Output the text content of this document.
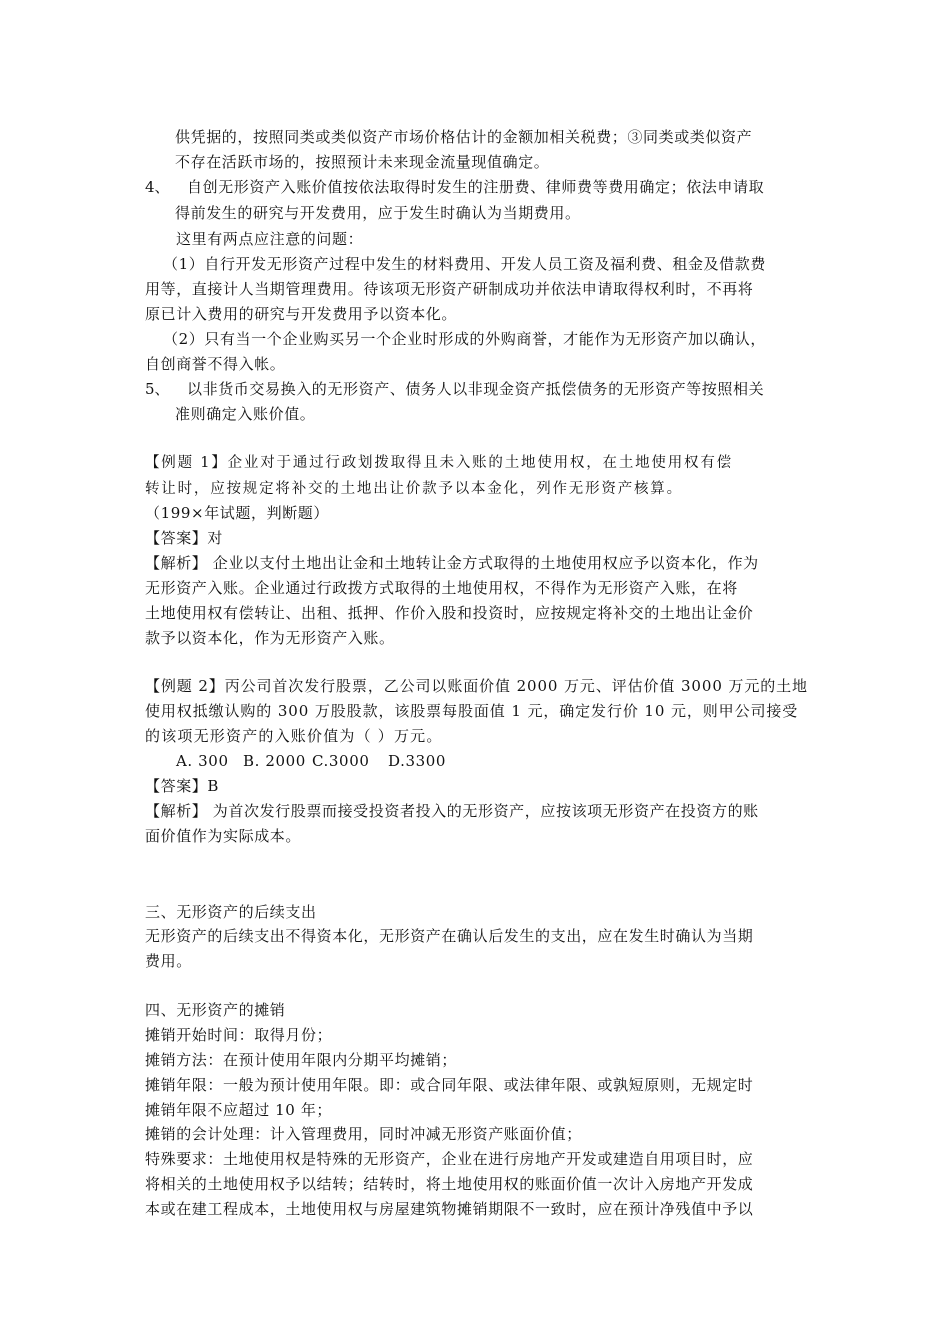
供凭据的，按照同类或类似资产市场价格估计的金额加相关税费；③同类或类似资产
不存在活跃市场的，按照预计未来现金流量现值确定。
4、 自创无形资产入账价值按依法取得时发生的注册费、律师费等费用确定；依法申请取
得前发生的研究与开发费用，应于发生时确认为当期费用。
这里有两点应注意的问题：
（1）自行开发无形资产过程中发生的材料费用、开发人员工资及福利费、租金及借款费
用等，直接计人当期管理费用。待该项无形资产研制成功并依法申请取得权利时，不再将
原已计入费用的研究与开发费用予以资本化。
（2）只有当一个企业购买另一个企业时形成的外购商誉，才能作为无形资产加以确认，
自创商誉不得入帐。
5、 以非货币交易换入的无形资产、债务人以非现金资产抵偿债务的无形资产等按照相关
准则确定入账价值。
【例题 1】企业对于通过行政划拨取得且未入账的土地使用权，在土地使用权有偿
转让时，应按规定将补交的土地出让价款予以本金化，列作无形资产核算。
（199×年试题，判断题）
【答案】对
【解析】 企业以支付土地出让金和土地转让金方式取得的土地使用权应予以资本化，作为
无形资产入账。企业通过行政拨方式取得的土地使用权，不得作为无形资产入账，在将
土地使用权有偿转让、出租、抵押、作价入股和投资时，应按规定将补交的土地出让金价
款予以资本化，作为无形资产入账。
【例题 2】丙公司首次发行股票，乙公司以账面价值 2000 万元、评估价值 3000 万元的土地
使用权抵缴认购的 300 万股股款，该股票每股面值 1 元，确定发行价 10 元，则甲公司接受
的该项无形资产的入账价值为（ ）万元。
A. 300 B. 2000 C.3000 D.3300
【答案】B
【解析】 为首次发行股票而接受投资者投入的无形资产，应按该项无形资产在投资方的账
面价值作为实际成本。
三、无形资产的后续支出
无形资产的后续支出不得资本化，无形资产在确认后发生的支出，应在发生时确认为当期
费用。
四、无形资产的摊销
摊销开始时间：取得月份；
摊销方法：在预计使用年限内分期平均摊销；
摊销年限：一般为预计使用年限。即：或合同年限、或法律年限、或孰短原则，无规定时
摊销年限不应超过 10 年；
摊销的会计处理：计入管理费用，同时冲减无形资产账面价值；
特殊要求：土地使用权是特殊的无形资产，企业在进行房地产开发或建造自用项目时，应
将相关的土地使用权予以结转；结转时，将土地使用权的账面价值一次计入房地产开发成
本或在建工程成本，土地使用权与房屋建筑物摊销期限不一致时，应在预计净残值中予以
